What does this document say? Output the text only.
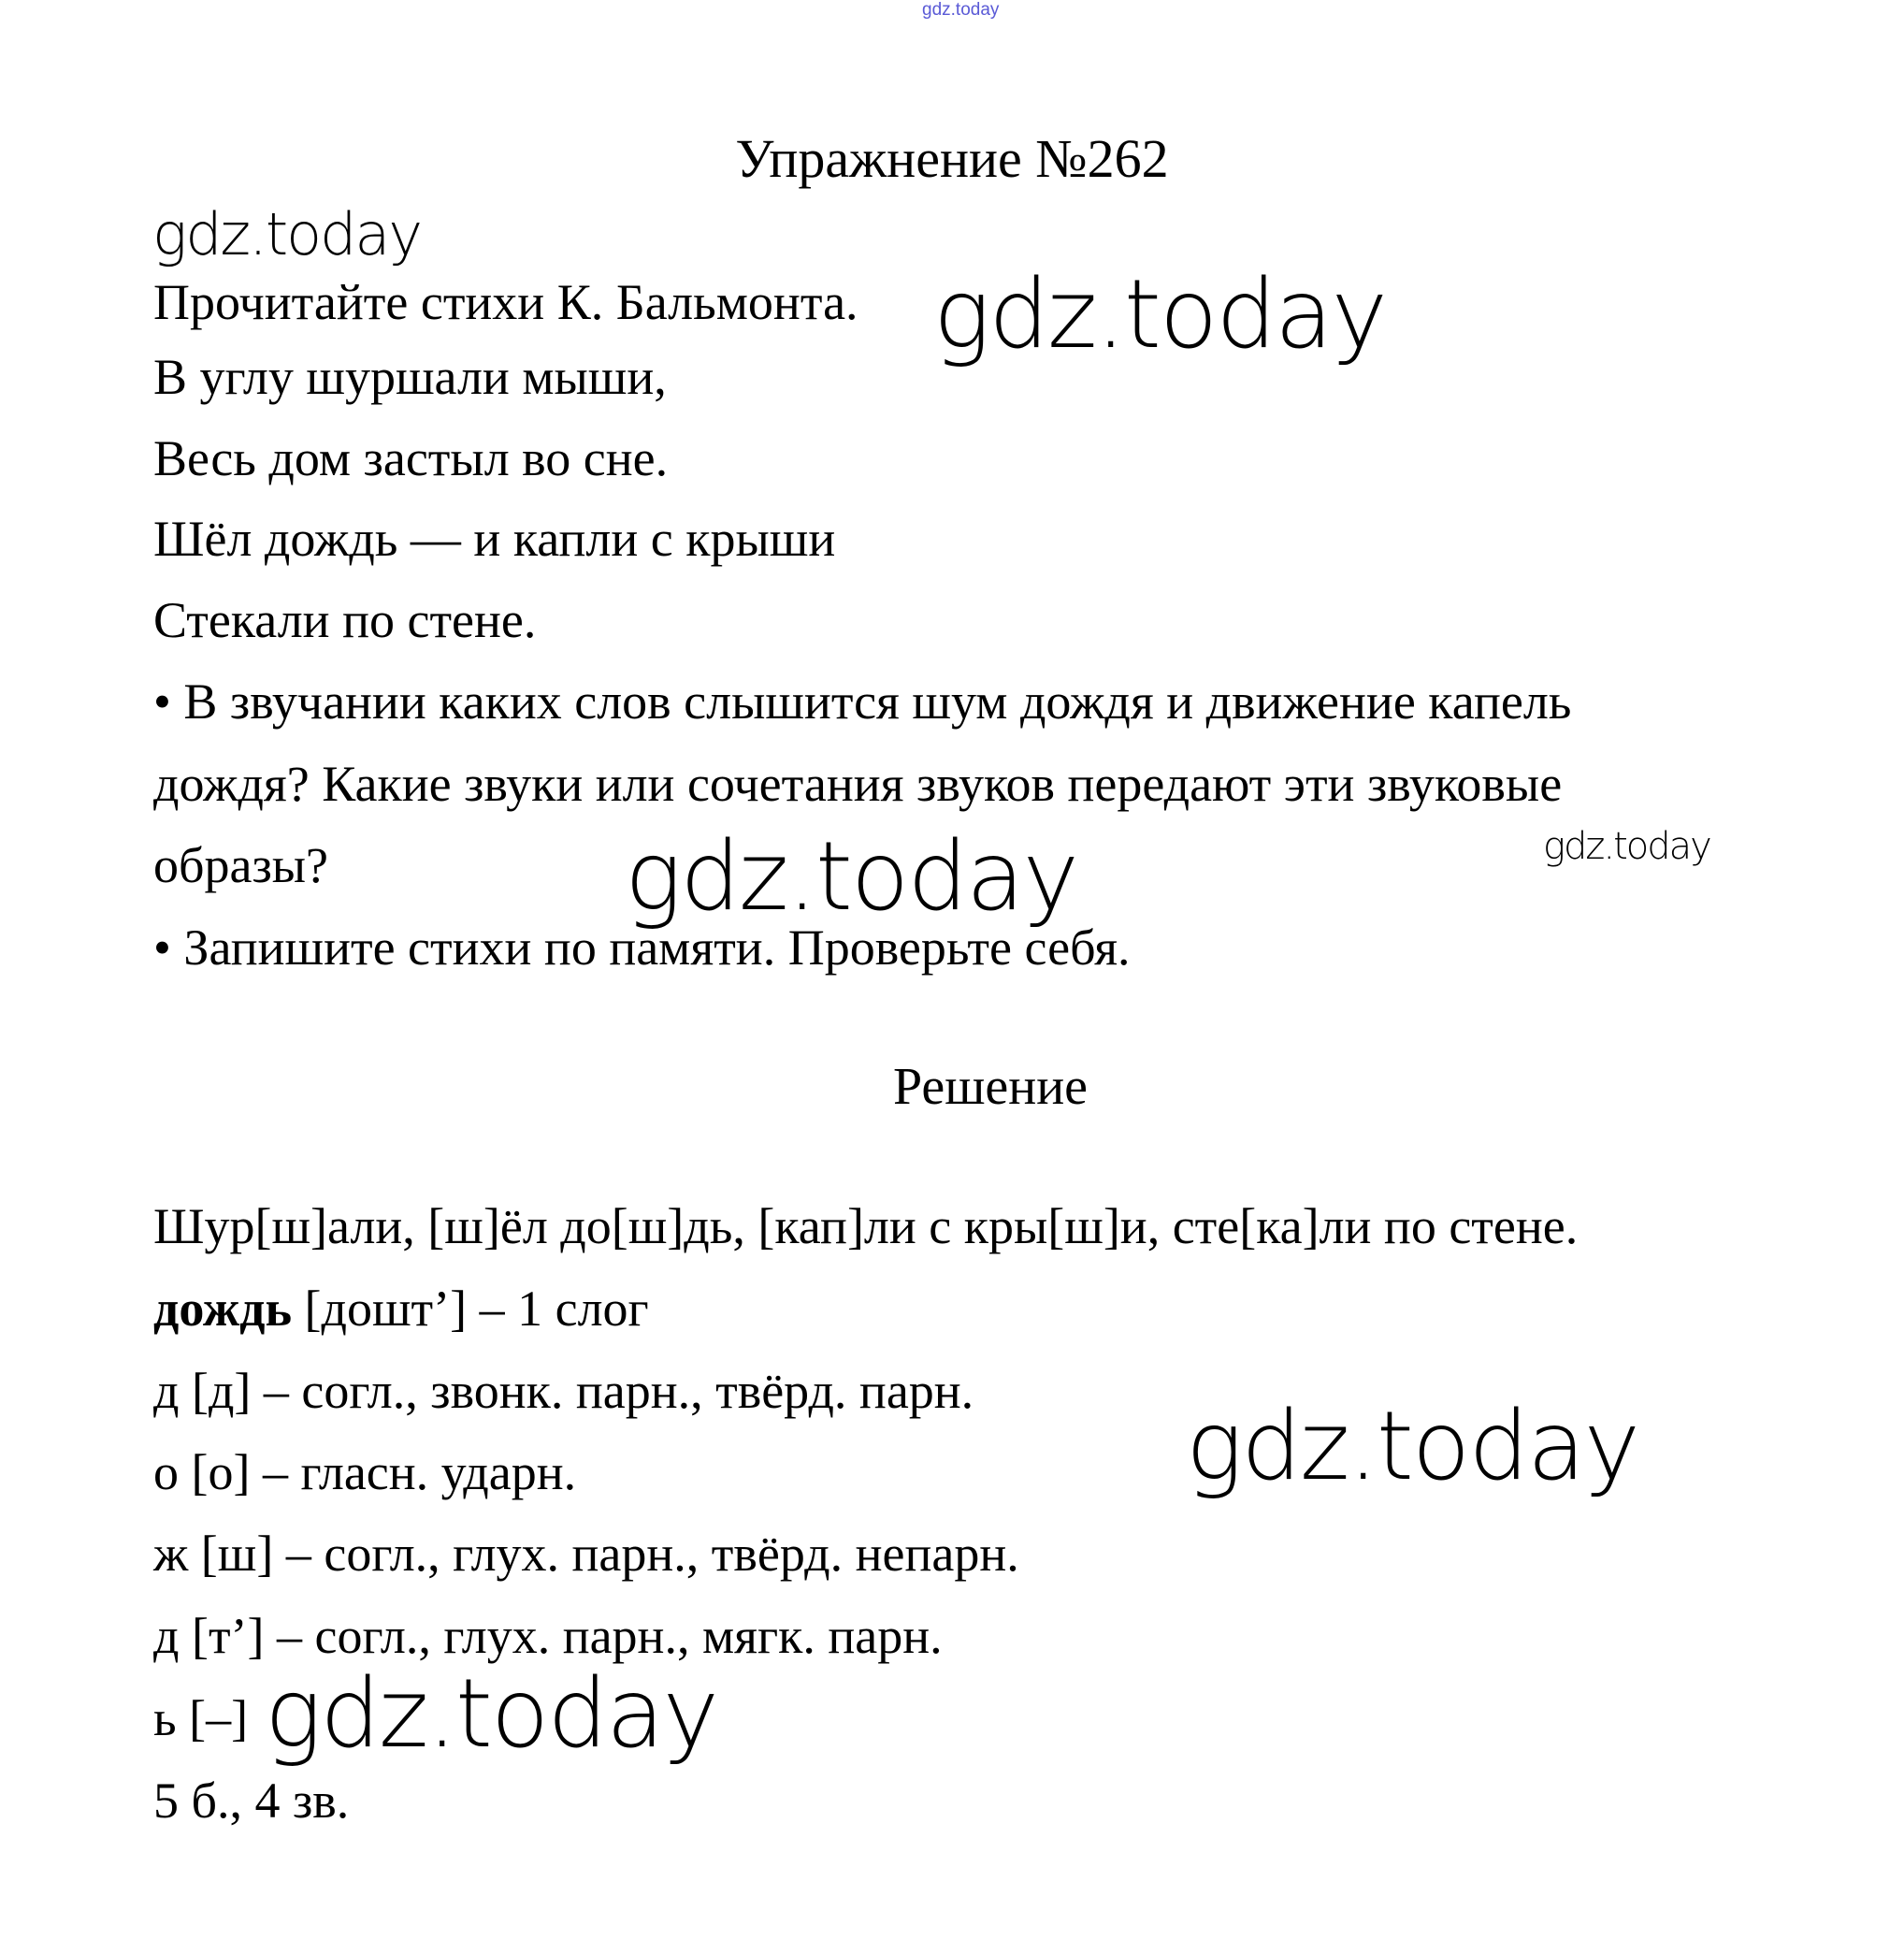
gdz.today
Упражнение №262
Прочитайте стихи К. Бальмонта.
В углу шуршали мыши,
Весь дом застыл во сне.
Шёл дождь — и капли с крыши
Стекали по стене.
• В звучании каких слов слышится шум дождя и движение капель
дождя? Какие звуки или сочетания звуков передают эти звуковые
образы?
• Запишите стихи по памяти. Проверьте себя.
Решение
Шур[ш]али, [ш]ёл до[ш]дь, [кап]ли с кры[ш]и, сте[ка]ли по стене.
дождь [дошт’] – 1 слог
д [д] – согл., звонк. парн., твёрд. парн.
о [о] – гласн. ударн.
ж [ш] – согл., глух. парн., твёрд. непарн.
д [т’] – согл., глух. парн., мягк. парн.
ь [–]
5 б., 4 зв.
gdz.today
gdz.today
gdz.today	gdz.today
gdz.today
gdz.today
